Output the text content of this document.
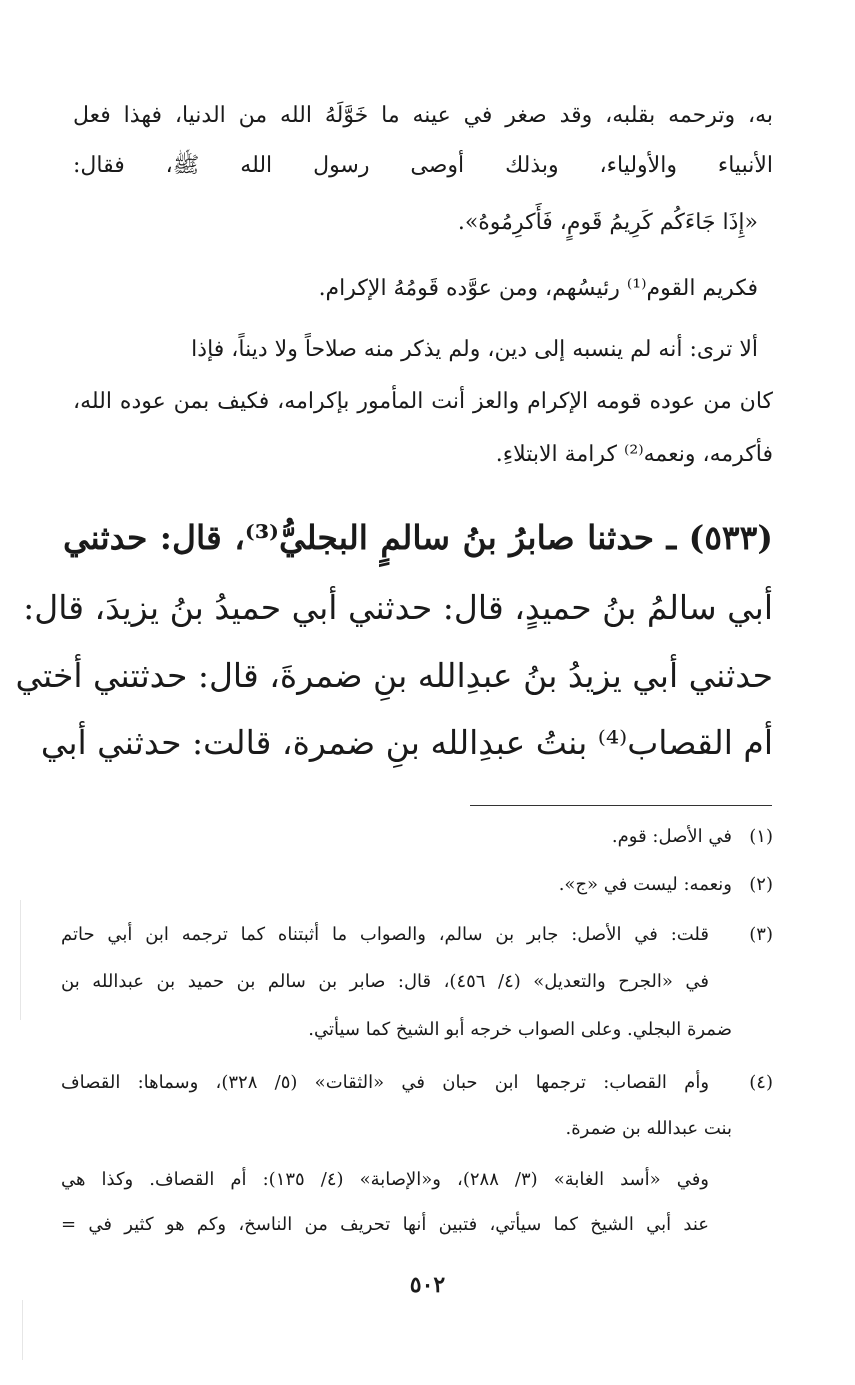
به، وترحمه بقلبه، وقد صغر في عينه ما خَوَّلَهُ الله من الدنيا، فهذا فعل
الأنبياء والأولياء، وبذلك أوصى رسول الله ﷺ، فقال:
«إِذَا جَاءَكُم كَرِيمُ قَومٍ، فَأَكرِمُوهُ».
فكريم القوم⁽¹⁾ رئيسُهم، ومن عوَّده قَومُهُ الإكرام.
ألا ترى: أنه لم ينسبه إلى دين، ولم يذكر منه صلاحاً ولا ديناً، فإذا
كان من عوده قومه الإكرام والعز أنت المأمور بإكرامه، فكيف بمن عوده الله،
فأكرمه، ونعمه⁽²⁾ كرامة الابتلاءِ.
(٥٣٣) ـ حدثنا صابرُ بنُ سالمٍ البجليُّ⁽³⁾، قال: حدثني
أبي سالمُ بنُ حميدٍ، قال: حدثني أبي حميدُ بنُ يزيدَ، قال:
حدثني أبي يزيدُ بنُ عبدِالله بنِ ضمرةَ، قال: حدثتني أختي
أم القصاب⁽⁴⁾ بنتُ عبدِالله بنِ ضمرة، قالت: حدثني أبي
(١)
في الأصل: قوم.
(٢)
ونعمه: ليست في «ج».
(٣)
قلت: في الأصل: جابر بن سالم، والصواب ما أثبتناه كما ترجمه ابن أبي حاتم
في «الجرح والتعديل» (٤/ ٤٥٦)، قال: صابر بن سالم بن حميد بن عبدالله بن
ضمرة البجلي. وعلى الصواب خرجه أبو الشيخ كما سيأتي.
(٤)
وأم القصاب: ترجمها ابن حبان في «الثقات» (٥/ ٣٢٨)، وسماها: القصاف
بنت عبدالله بن ضمرة.
وفي «أسد الغابة» (٣/ ٢٨٨)، و«الإصابة» (٤/ ١٣٥): أم القصاف. وكذا هي
عند أبي الشيخ كما سيأتي، فتبين أنها تحريف من الناسخ، وكم هو كثير في =
٥٠٢
